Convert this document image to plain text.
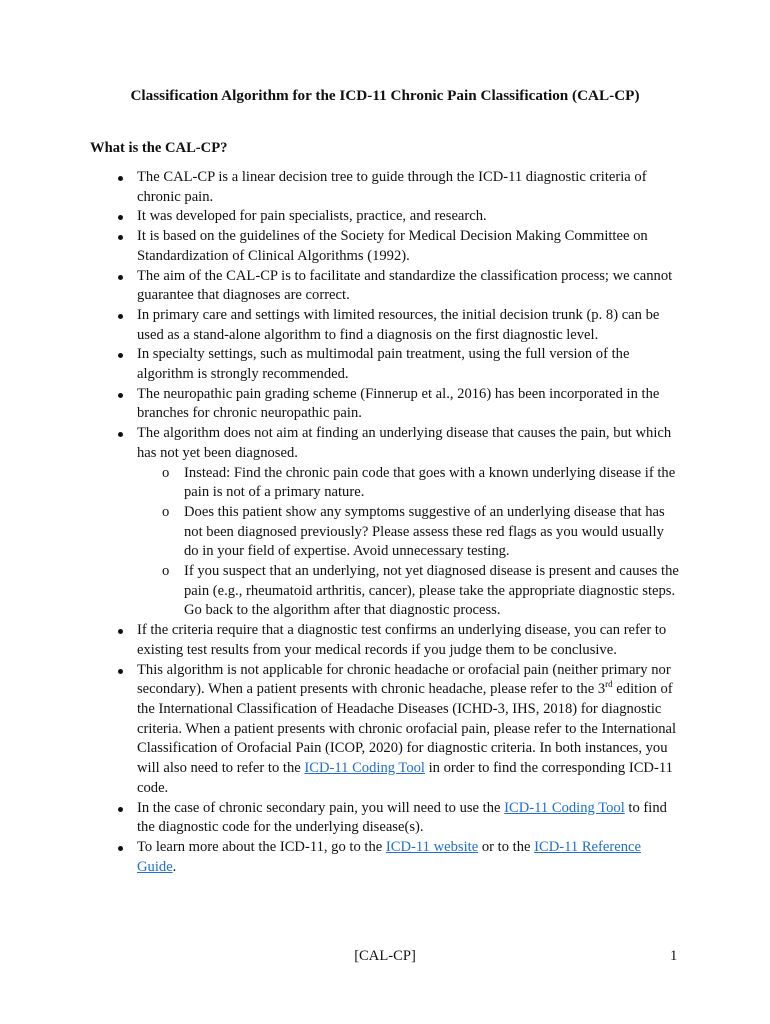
Classification Algorithm for the ICD-11 Chronic Pain Classification (CAL-CP)
What is the CAL-CP?
The CAL-CP is a linear decision tree to guide through the ICD-11 diagnostic criteria of chronic pain.
It was developed for pain specialists, practice, and research.
It is based on the guidelines of the Society for Medical Decision Making Committee on Standardization of Clinical Algorithms (1992).
The aim of the CAL-CP is to facilitate and standardize the classification process; we cannot guarantee that diagnoses are correct.
In primary care and settings with limited resources, the initial decision trunk (p. 8) can be used as a stand-alone algorithm to find a diagnosis on the first diagnostic level.
In specialty settings, such as multimodal pain treatment, using the full version of the algorithm is strongly recommended.
The neuropathic pain grading scheme (Finnerup et al., 2016) has been incorporated in the branches for chronic neuropathic pain.
The algorithm does not aim at finding an underlying disease that causes the pain, but which has not yet been diagnosed.
o Instead: Find the chronic pain code that goes with a known underlying disease if the pain is not of a primary nature.
o Does this patient show any symptoms suggestive of an underlying disease that has not been diagnosed previously? Please assess these red flags as you would usually do in your field of expertise. Avoid unnecessary testing.
o If you suspect that an underlying, not yet diagnosed disease is present and causes the pain (e.g., rheumatoid arthritis, cancer), please take the appropriate diagnostic steps. Go back to the algorithm after that diagnostic process.
If the criteria require that a diagnostic test confirms an underlying disease, you can refer to existing test results from your medical records if you judge them to be conclusive.
This algorithm is not applicable for chronic headache or orofacial pain (neither primary nor secondary). When a patient presents with chronic headache, please refer to the 3rd edition of the International Classification of Headache Diseases (ICHD-3, IHS, 2018) for diagnostic criteria. When a patient presents with chronic orofacial pain, please refer to the International Classification of Orofacial Pain (ICOP, 2020) for diagnostic criteria. In both instances, you will also need to refer to the ICD-11 Coding Tool in order to find the corresponding ICD-11 code.
In the case of chronic secondary pain, you will need to use the ICD-11 Coding Tool to find the diagnostic code for the underlying disease(s).
To learn more about the ICD-11, go to the ICD-11 website or to the ICD-11 Reference Guide.
[CAL-CP]	1
